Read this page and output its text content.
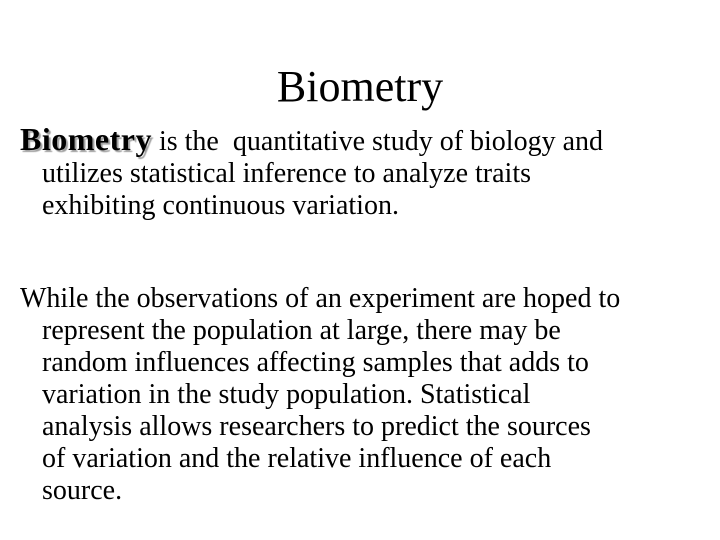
Biometry
Biometry is the  quantitative study of biology and
utilizes statistical inference to analyze traits
exhibiting continuous variation.
While the observations of an experiment are hoped to
represent the population at large, there may be
random influences affecting samples that adds to
variation in the study population. Statistical
analysis allows researchers to predict the sources
of variation and the relative influence of each
source.
